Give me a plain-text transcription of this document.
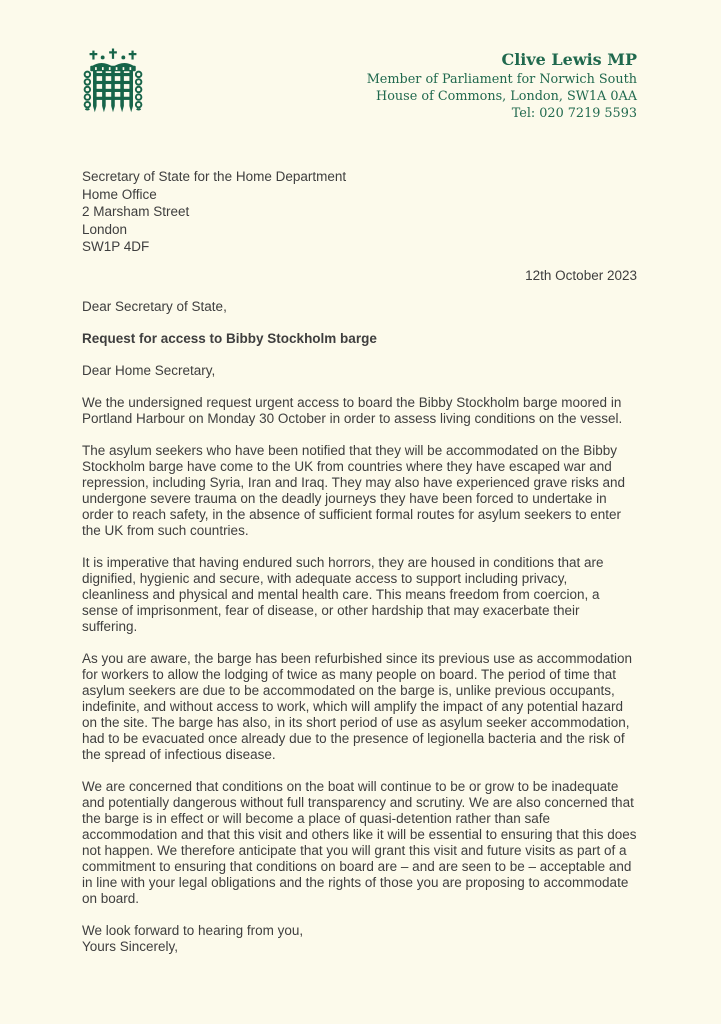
Clive Lewis MP
Member of Parliament for Norwich South
House of Commons, London, SW1A 0AA
Tel: 020 7219 5593
Secretary of State for the Home Department
Home Office
2 Marsham Street
London
SW1P 4DF
12th October 2023

Dear Secretary of State,

Request for access to Bibby Stockholm barge

Dear Home Secretary,

We the undersigned request urgent access to board the Bibby Stockholm barge moored in Portland Harbour on Monday 30 October in order to assess living conditions on the vessel.

The asylum seekers who have been notified that they will be accommodated on the Bibby Stockholm barge have come to the UK from countries where they have escaped war and repression, including Syria, Iran and Iraq. They may also have experienced grave risks and undergone severe trauma on the deadly journeys they have been forced to undertake in order to reach safety, in the absence of sufficient formal routes for asylum seekers to enter the UK from such countries.

It is imperative that having endured such horrors, they are housed in conditions that are dignified, hygienic and secure, with adequate access to support including privacy, cleanliness and physical and mental health care. This means freedom from coercion, a sense of imprisonment, fear of disease, or other hardship that may exacerbate their suffering.

As you are aware, the barge has been refurbished since its previous use as accommodation for workers to allow the lodging of twice as many people on board. The period of time that asylum seekers are due to be accommodated on the barge is, unlike previous occupants, indefinite, and without access to work, which will amplify the impact of any potential hazard on the site. The barge has also, in its short period of use as asylum seeker accommodation, had to be evacuated once already due to the presence of legionella bacteria and the risk of the spread of infectious disease.

We are concerned that conditions on the boat will continue to be or grow to be inadequate and potentially dangerous without full transparency and scrutiny. We are also concerned that the barge is in effect or will become a place of quasi-detention rather than safe accommodation and that this visit and others like it will be essential to ensuring that this does not happen. We therefore anticipate that you will grant this visit and future visits as part of a commitment to ensuring that conditions on board are – and are seen to be – acceptable and in line with your legal obligations and the rights of those you are proposing to accommodate on board.

We look forward to hearing from you,
Yours Sincerely,
